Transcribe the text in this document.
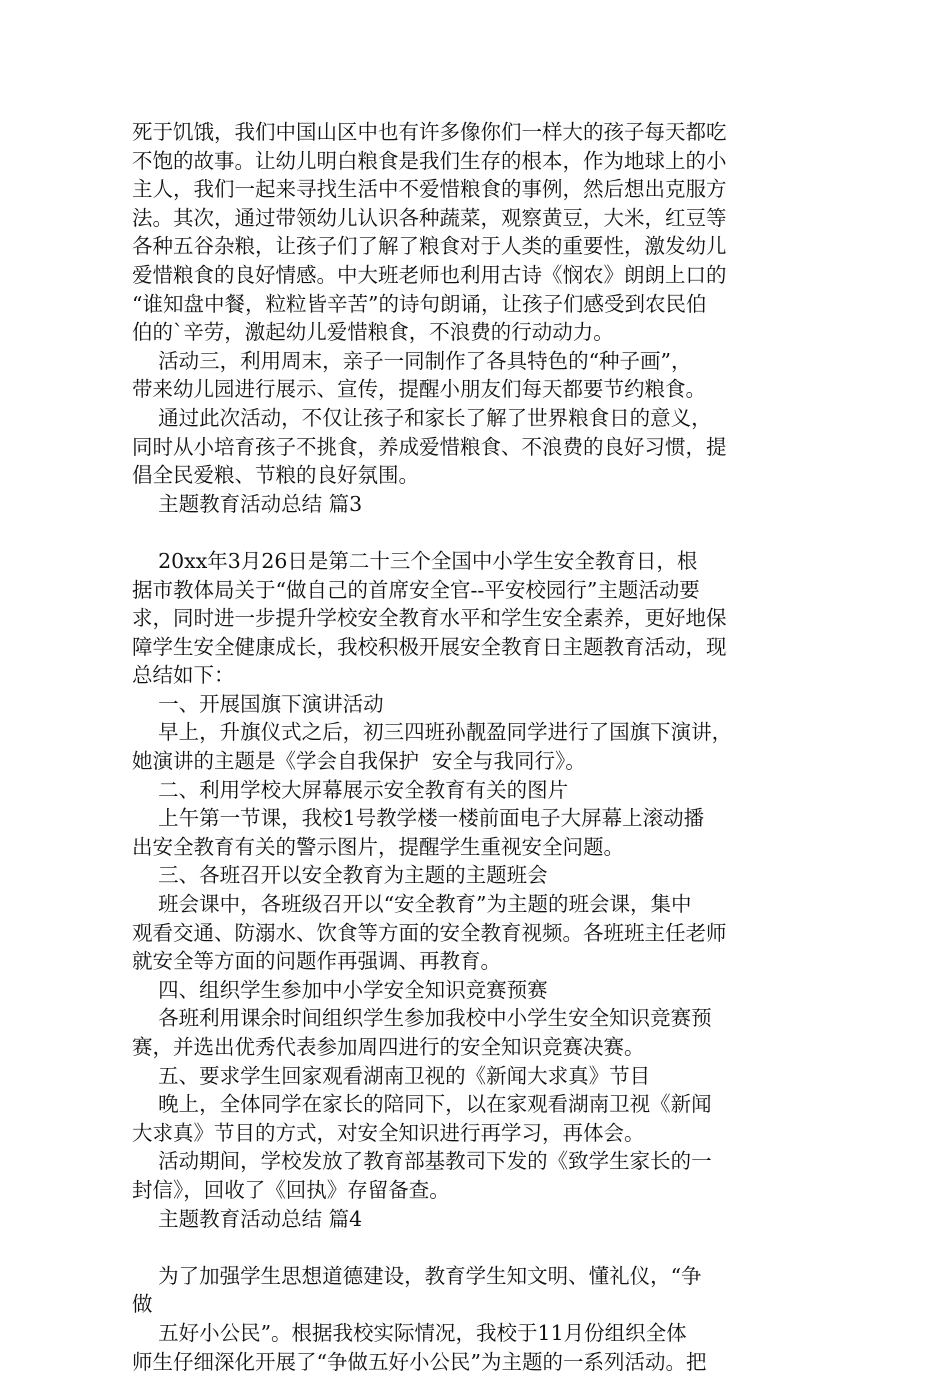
死于饥饿，我们中国山区中也有许多像你们一样大的孩子每天都吃
不饱的故事。让幼儿明白粮食是我们生存的根本，作为地球上的小
主人，我们一起来寻找生活中不爱惜粮食的事例，然后想出克服方
法。其次，通过带领幼儿认识各种蔬菜，观察黄豆，大米，红豆等
各种五谷杂粮，让孩子们了解了粮食对于人类的重要性，激发幼儿
爱惜粮食的良好情感。中大班老师也利用古诗《悯农》朗朗上口的
“谁知盘中餐，粒粒皆辛苦”的诗句朗诵，让孩子们感受到农民伯
伯的`辛劳，激起幼儿爱惜粮食，不浪费的行动动力。
活动三，利用周末，亲子一同制作了各具特色的“种子画”，
带来幼儿园进行展示、宣传，提醒小朋友们每天都要节约粮食。
通过此次活动，不仅让孩子和家长了解了世界粮食日的意义，
同时从小培育孩子不挑食，养成爱惜粮食、不浪费的良好习惯，提
倡全民爱粮、节粮的良好氛围。
主题教育活动总结 篇3
20xx年3月26日是第二十三个全国中小学生安全教育日，根
据市教体局关于“做自己的首席安全官--平安校园行”主题活动要
求，同时进一步提升学校安全教育水平和学生安全素养，更好地保
障学生安全健康成长，我校积极开展安全教育日主题教育活动，现
总结如下：
一、开展国旗下演讲活动
早上，升旗仪式之后，初三四班孙靓盈同学进行了国旗下演讲，
她演讲的主题是《学会自我保护  安全与我同行》。
二、利用学校大屏幕展示安全教育有关的图片
上午第一节课，我校1号教学楼一楼前面电子大屏幕上滚动播
出安全教育有关的警示图片，提醒学生重视安全问题。
三、各班召开以安全教育为主题的主题班会
班会课中，各班级召开以“安全教育”为主题的班会课，集中
观看交通、防溺水、饮食等方面的安全教育视频。各班班主任老师
就安全等方面的问题作再强调、再教育。
四、组织学生参加中小学安全知识竞赛预赛
各班利用课余时间组织学生参加我校中小学生安全知识竞赛预
赛，并选出优秀代表参加周四进行的安全知识竞赛决赛。
五、要求学生回家观看湖南卫视的《新闻大求真》节目
晚上，全体同学在家长的陪同下，以在家观看湖南卫视《新闻
大求真》节目的方式，对安全知识进行再学习，再体会。
活动期间，学校发放了教育部基教司下发的《致学生家长的一
封信》，回收了《回执》存留备查。
主题教育活动总结 篇4
为了加强学生思想道德建设，教育学生知文明、懂礼仪，“争
做
五好小公民”。根据我校实际情况，我校于11月份组织全体
师生仔细深化开展了“争做五好小公民”为主题的一系列活动。把
